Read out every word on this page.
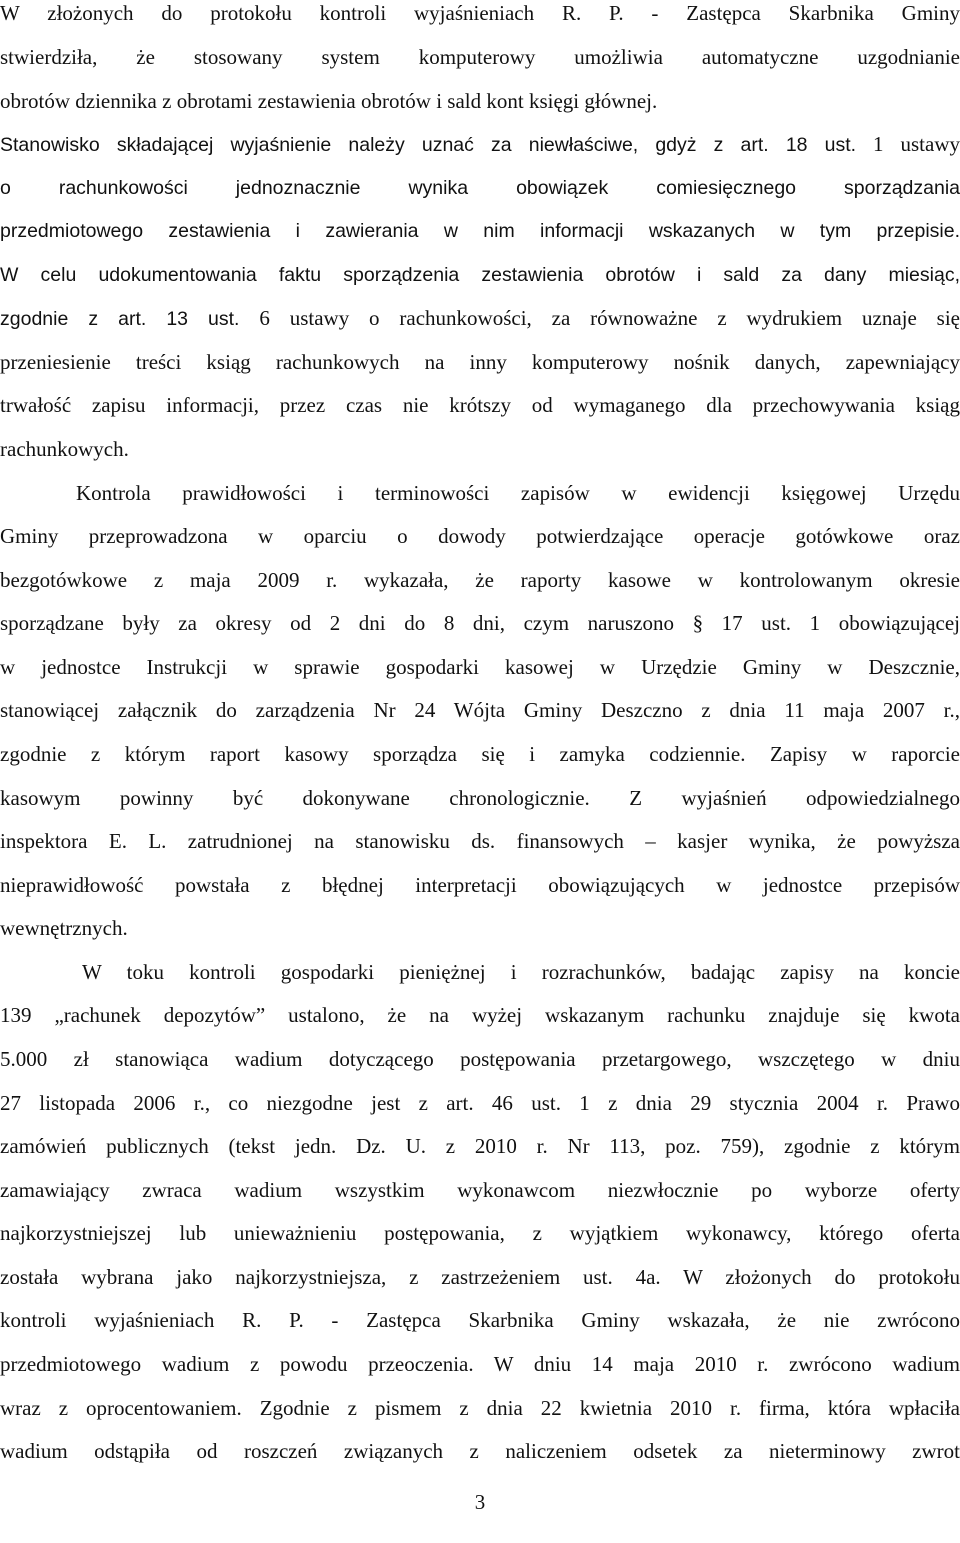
W złożonych do protokołu kontroli wyjaśnieniach R. P. - Zastępca Skarbnika Gminy
stwierdziła, że stosowany system komputerowy umożliwia automatyczne uzgodnianie
obrotów dziennika z obrotami zestawienia obrotów i sald kont księgi głównej.
Stanowisko składającej wyjaśnienie należy uznać za niewłaściwe, gdyż z art. 18 ust. 1 ustawy
o rachunkowości jednoznacznie wynika obowiązek comiesięcznego sporządzania
przedmiotowego zestawienia i zawierania w nim informacji wskazanych w tym przepisie.
W celu udokumentowania faktu sporządzenia zestawienia obrotów i sald za dany miesiąc,
zgodnie z art. 13 ust. 6 ustawy o rachunkowości, za równoważne z wydrukiem uznaje się
przeniesienie treści ksiąg rachunkowych na inny komputerowy nośnik danych, zapewniający
trwałość zapisu informacji, przez czas nie krótszy od wymaganego dla przechowywania ksiąg
rachunkowych.
Kontrola prawidłowości i terminowości zapisów w ewidencji księgowej Urzędu
Gminy przeprowadzona w oparciu o dowody potwierdzające operacje gotówkowe oraz
bezgotówkowe z maja 2009 r. wykazała, że raporty kasowe w kontrolowanym okresie
sporządzane były za okresy od 2 dni do 8 dni, czym naruszono § 17 ust. 1 obowiązującej
w jednostce Instrukcji w sprawie gospodarki kasowej w Urzędzie Gminy w Deszcznie,
stanowiącej załącznik do zarządzenia Nr 24 Wójta Gminy Deszczno z dnia 11 maja 2007 r.,
zgodnie z którym raport kasowy sporządza się i zamyka codziennie. Zapisy w raporcie
kasowym powinny być dokonywane chronologicznie. Z wyjaśnień odpowiedzialnego
inspektora E. L. zatrudnionej na stanowisku ds. finansowych – kasjer wynika, że powyższa
nieprawidłowość powstała z błędnej interpretacji obowiązujących w jednostce przepisów
wewnętrznych.
W toku kontroli gospodarki pieniężnej i rozrachunków, badając zapisy na koncie
139 „rachunek depozytów” ustalono, że na wyżej wskazanym rachunku znajduje się kwota
5.000 zł stanowiąca wadium dotyczącego postępowania przetargowego, wszczętego w dniu
27 listopada 2006 r., co niezgodne jest z art. 46 ust. 1 z dnia 29 stycznia 2004 r. Prawo
zamówień publicznych (tekst jedn. Dz. U. z 2010 r. Nr 113, poz. 759), zgodnie z którym
zamawiający zwraca wadium wszystkim wykonawcom niezwłocznie po wyborze oferty
najkorzystniejszej lub unieważnieniu postępowania, z wyjątkiem wykonawcy, którego oferta
została wybrana jako najkorzystniejsza, z zastrzeżeniem ust. 4a. W złożonych do protokołu
kontroli wyjaśnieniach R. P. - Zastępca Skarbnika Gminy wskazała, że nie zwrócono
przedmiotowego wadium z powodu przeoczenia. W dniu 14 maja 2010 r. zwrócono wadium
wraz z oprocentowaniem. Zgodnie z pismem z dnia 22 kwietnia 2010 r. firma, która wpłaciła
wadium odstąpiła od roszczeń związanych z naliczeniem odsetek za nieterminowy zwrot
3
